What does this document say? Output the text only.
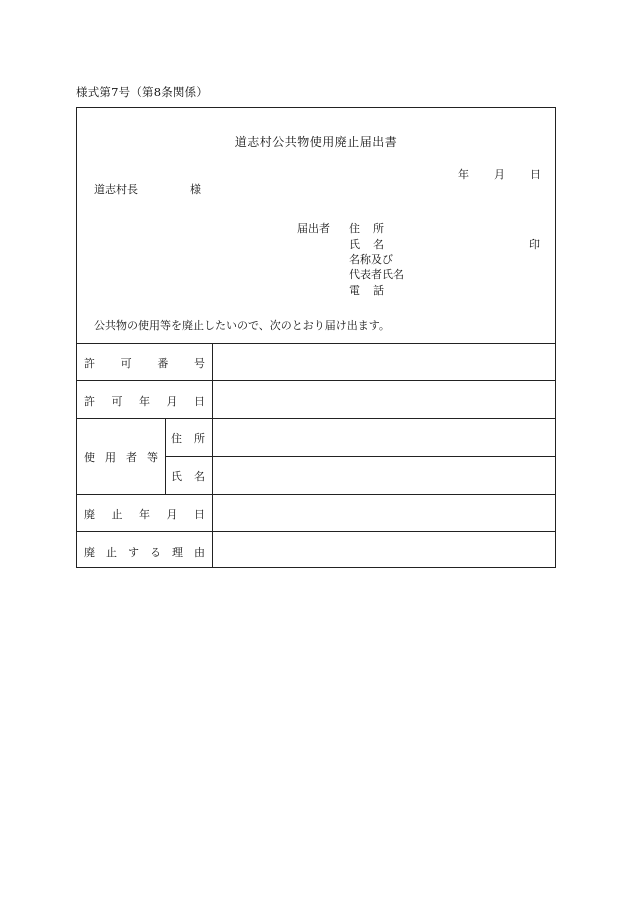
様式第7号（第8条関係）
道志村公共物使用廃止届出書
年 月 日
道志村長	様
届出者 住 所
氏 名	印
名称及び
代表者氏名
電 話
公共物の使用等を廃止したいので、次のとおり届け出ます。
許 可 番 号
許 可 年 月 日
使 用 者 等
住 所
氏 名
廃 止 年 月 日
廃 止 す る 理 由
